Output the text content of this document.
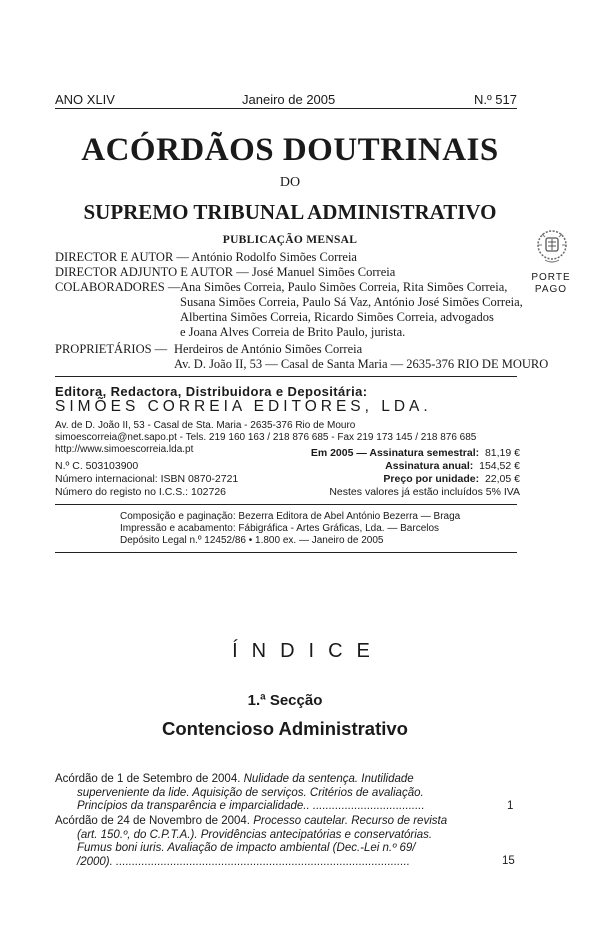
ANO XLIV	Janeiro de 2005	N.º 517
ACÓRDÃOS DOUTRINAIS
DO
SUPREMO TRIBUNAL ADMINISTRATIVO
PUBLICAÇÃO MENSAL
DIRECTOR E AUTOR — António Rodolfo Simões Correia
DIRECTOR ADJUNTO E AUTOR — José Manuel Simões Correia
COLABORADORES — Ana Simões Correia, Paulo Simões Correia, Rita Simões Correia,
Susana Simões Correia, Paulo Sá Vaz, António José Simões Correia,
Albertina Simões Correia, Ricardo Simões Correia, advogados
e Joana Alves Correia de Brito Paulo, jurista.
PROPRIETÁRIOS — Herdeiros de António Simões Correia
Av. D. João II, 53 — Casal de Santa Maria — 2635-376 RIO DE MOURO
PORTE
PAGO
Editora, Redactora, Distribuidora e Depositária:
SIMÕES CORREIA EDITORES, LDA.
Av. de D. João II, 53 - Casal de Sta. Maria - 2635-376 Rio de Mouro
simoescorreia@net.sapo.pt - Tels. 219 160 163 / 218 876 685 - Fax 219 173 145 / 218 876 685
http://www.simoescorreia.lda.pt
N.º C. 503103900
Número internacional: ISBN 0870-2721
Número do registo no I.C.S.: 102726
Em 2005 — Assinatura semestral: 81,19 €
Assinatura anual: 154,52 €
Preço por unidade: 22,05 €
Nestes valores já estão incluídos 5% IVA
Composição e paginação: Bezerra Editora de Abel António Bezerra — Braga
Impressão e acabamento: Fábigráfica - Artes Gráficas, Lda. — Barcelos
Depósito Legal n.º 12452/86 • 1.800 ex. — Janeiro de 2005
ÍNDICE
1.ª Secção
Contencioso Administrativo
Acórdão de 1 de Setembro de 2004. Nulidade da sentença. Inutilidade
superveniente da lide. Aquisição de serviços. Critérios de avaliação.
Princípios da transparência e imparcialidade.. ...................................	1
Acórdão de 24 de Novembro de 2004. Processo cautelar. Recurso de revista
(art. 150.º, do C.P.T.A.). Providências antecipatórias e conservatórias.
Fumus boni iuris. Avaliação de impacto ambiental (Dec.-Lei n.º 69/
/2000). ............................................................................................	15
